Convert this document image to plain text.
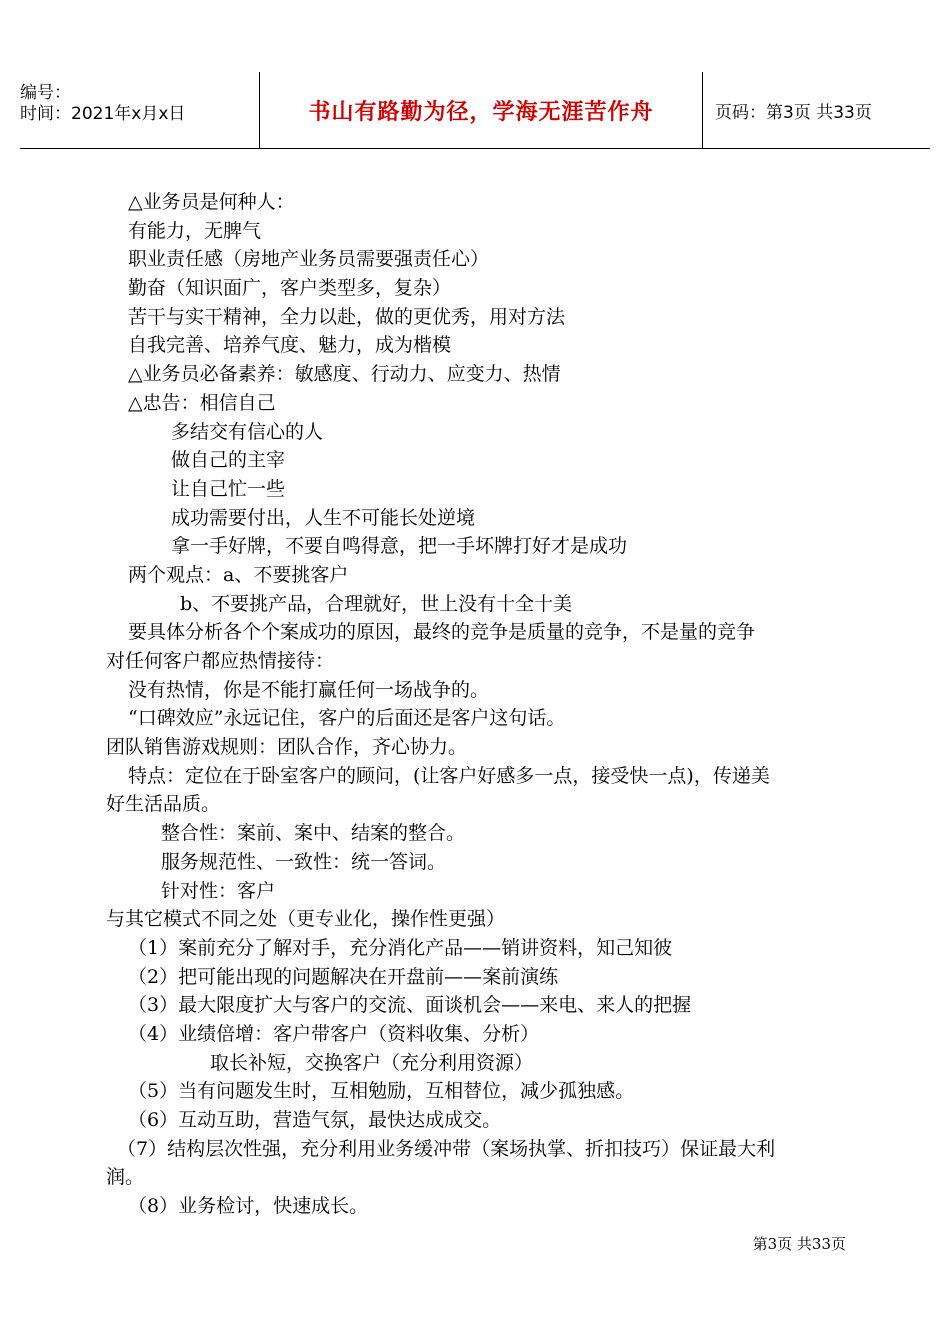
编号：
时间：2021年x月x日	书山有路勤为径，学海无涯苦作舟	页码：第3页 共33页
△业务员是何种人：
有能力，无脾气
职业责任感（房地产业务员需要强责任心）
勤奋（知识面广，客户类型多，复杂）
苦干与实干精神，全力以赴，做的更优秀，用对方法
自我完善、培养气度、魅力，成为楷模
△业务员必备素养：敏感度、行动力、应变力、热情
△忠告：相信自己
多结交有信心的人
做自己的主宰
让自己忙一些
成功需要付出，人生不可能长处逆境
拿一手好牌，不要自鸣得意，把一手坏牌打好才是成功
两个观点：a、不要挑客户
b、不要挑产品，合理就好，世上没有十全十美
要具体分析各个个案成功的原因，最终的竞争是质量的竞争，不是量的竞争
对任何客户都应热情接待：
没有热情，你是不能打赢任何一场战争的。
“口碑效应”永远记住，客户的后面还是客户这句话。
团队销售游戏规则：团队合作，齐心协力。
特点：定位在于卧室客户的顾问，(让客户好感多一点，接受快一点)，传递美
好生活品质。
整合性：案前、案中、结案的整合。
服务规范性、一致性：统一答词。
针对性：客户
与其它模式不同之处（更专业化，操作性更强）
（1）案前充分了解对手，充分消化产品——销讲资料，知己知彼
（2）把可能出现的问题解决在开盘前——案前演练
（3）最大限度扩大与客户的交流、面谈机会——来电、来人的把握
（4）业绩倍增：客户带客户（资料收集、分析）
取长补短，交换客户（充分利用资源）
（5）当有问题发生时，互相勉励，互相替位，减少孤独感。
（6）互动互助，营造气氛，最快达成成交。
（7）结构层次性强，充分利用业务缓冲带（案场执掌、折扣技巧）保证最大利
润。
（8）业务检讨，快速成长。
第3页 共33页
